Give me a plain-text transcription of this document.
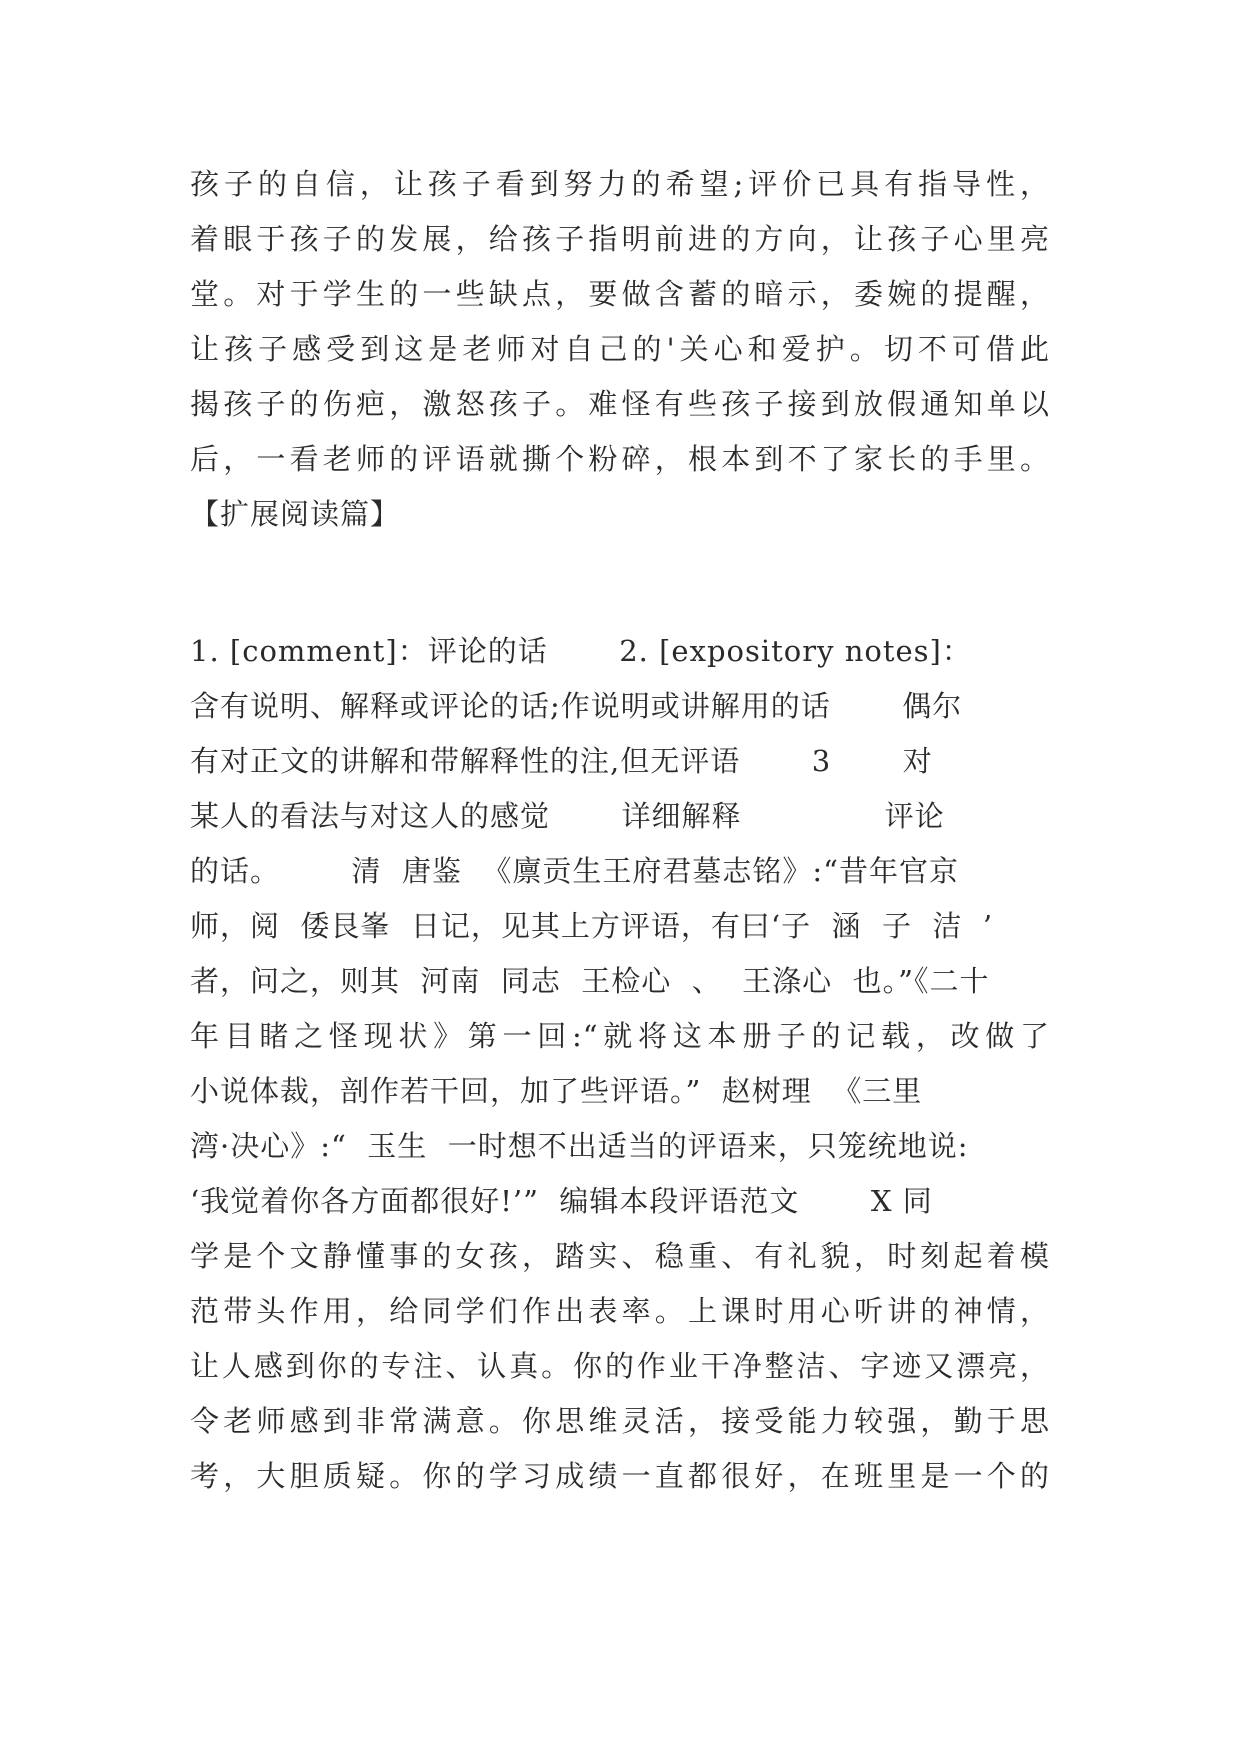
孩子的自信，让孩子看到努力的希望;评价已具有指导性，
着眼于孩子的发展，给孩子指明前进的方向，让孩子心里亮
堂。对于学生的一些缺点，要做含蓄的暗示，委婉的提醒，
让孩子感受到这是老师对自己的'关心和爱护。切不可借此
揭孩子的伤疤，激怒孩子。难怪有些孩子接到放假通知单以
后，一看老师的评语就撕个粉碎，根本到不了家长的手里。
【扩展阅读篇】
1. [comment]：评论的话       2. [expository notes]：
含有说明、解释或评论的话;作说明或讲解用的话       偶尔
有对正文的讲解和带解释性的注,但无评语       3       对
某人的看法与对这人的感觉       详细解释              评论
的话。       清  唐鉴  《廪贡生王府君墓志铭》:“昔年官京
师，阅  倭艮峯  日记，见其上方评语，有曰‘子  涵  子  洁  ’
者，问之，则其  河南  同志  王检心  、  王涤心  也。”《二十
年目睹之怪现状》第一回:“就将这本册子的记载，改做了
小说体裁，剖作若干回，加了些评语。”  赵树理  《三里
湾·决心》:“  玉生  一时想不出适当的评语来，只笼统地说:
‘我觉着你各方面都很好!’”  编辑本段评语范文       X 同
学是个文静懂事的女孩，踏实、稳重、有礼貌，时刻起着模
范带头作用，给同学们作出表率。上课时用心听讲的神情，
让人感到你的专注、认真。你的作业干净整洁、字迹又漂亮，
令老师感到非常满意。你思维灵活，接受能力较强，勤于思
考，大胆质疑。你的学习成绩一直都很好，在班里是一个的
